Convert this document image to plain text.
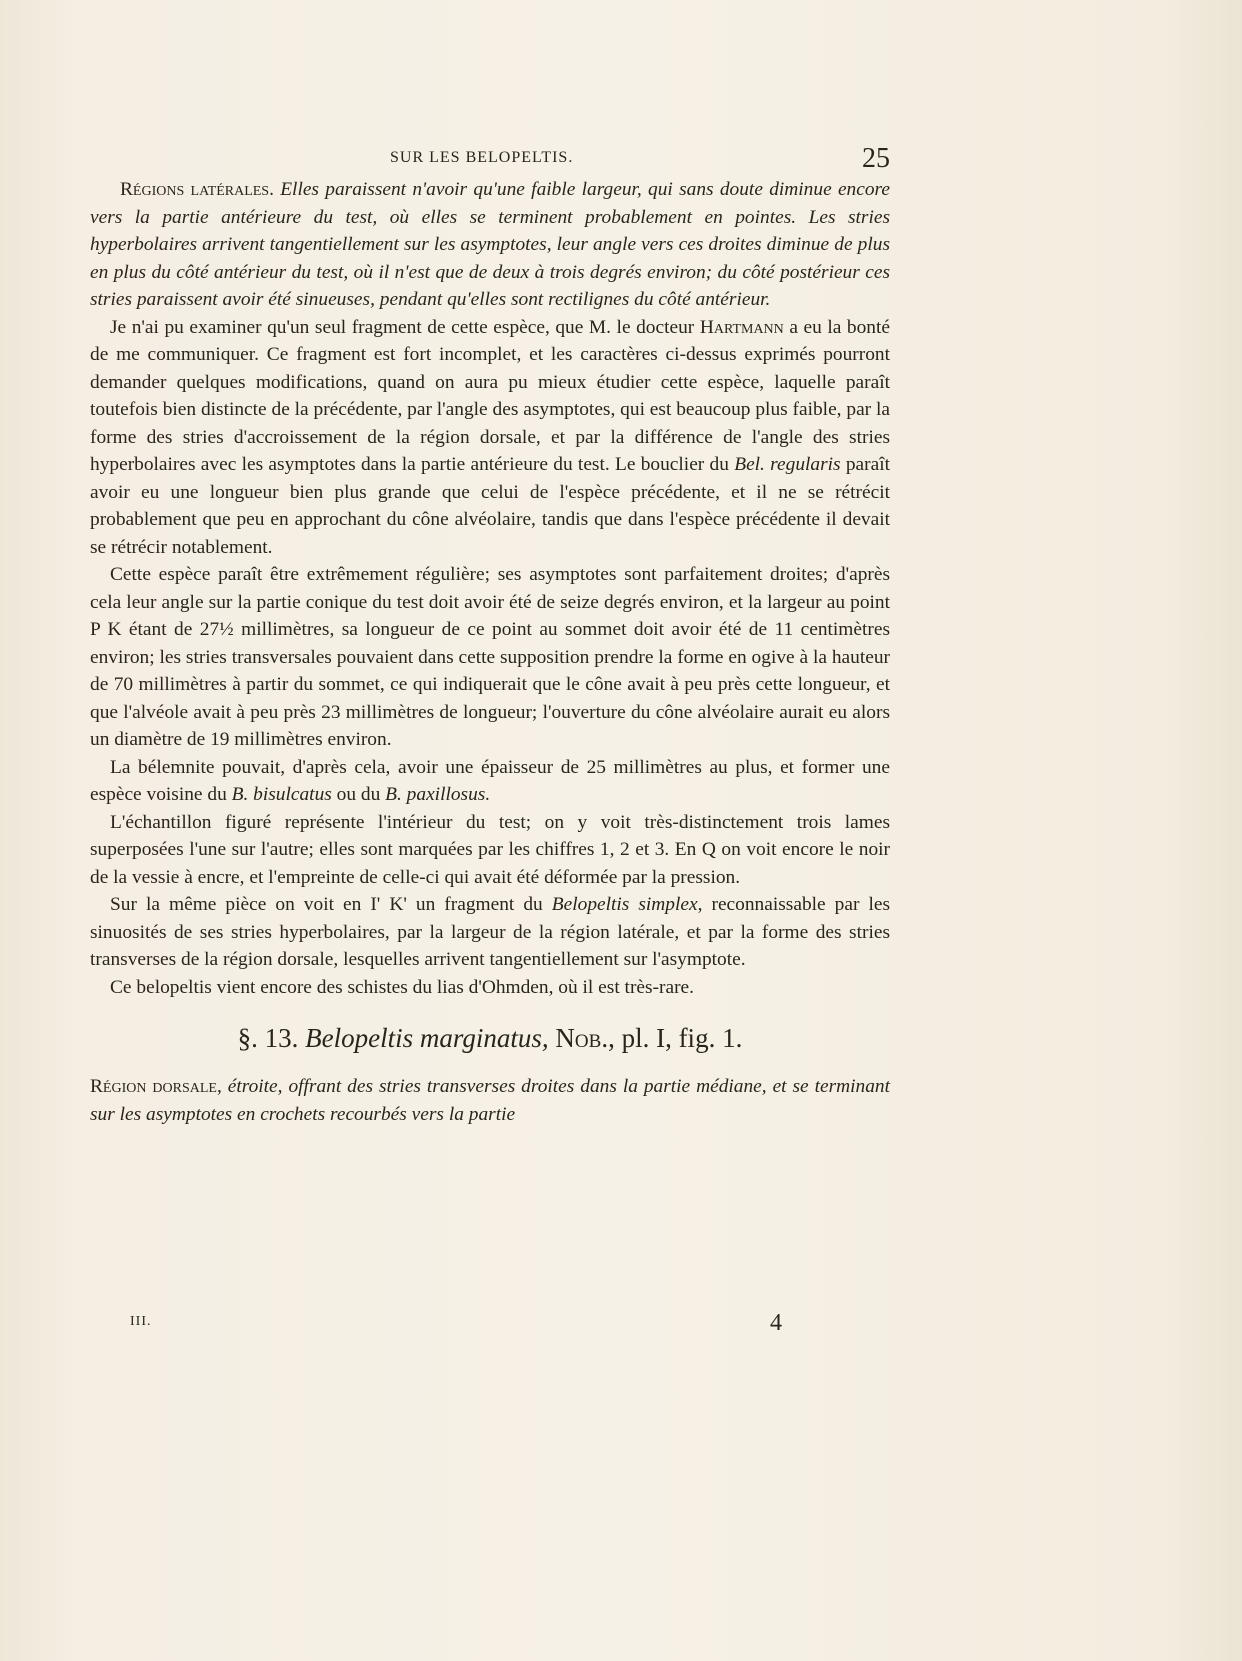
SUR LES BELOPELTIS.	25

Régions latérales. Elles paraissent n'avoir qu'une faible largeur, qui sans doute diminue encore vers la partie antérieure du test, où elles se terminent probablement en pointes. Les stries hyperbolaires arrivent tangentiellement sur les asymptotes, leur angle vers ces droites diminue de plus en plus du côté antérieur du test, où il n'est que de deux à trois degrés environ; du côté postérieur ces stries paraissent avoir été sinueuses, pendant qu'elles sont rectilignes du côté antérieur.

Je n'ai pu examiner qu'un seul fragment de cette espèce, que M. le docteur Hartmann a eu la bonté de me communiquer. Ce fragment est fort incomplet, et les caractères ci-dessus exprimés pourront demander quelques modifications, quand on aura pu mieux étudier cette espèce, laquelle paraît toutefois bien distincte de la précédente, par l'angle des asymptotes, qui est beaucoup plus faible, par la forme des stries d'accroissement de la région dorsale, et par la différence de l'angle des stries hyperbolaires avec les asymptotes dans la partie antérieure du test. Le bouclier du Bel. regularis paraît avoir eu une longueur bien plus grande que celui de l'espèce précédente, et il ne se rétrécit probablement que peu en approchant du cône alvéolaire, tandis que dans l'espèce précédente il devait se rétrécir notablement.

Cette espèce paraît être extrêmement régulière; ses asymptotes sont parfaitement droites; d'après cela leur angle sur la partie conique du test doit avoir été de seize degrés environ, et la largeur au point P K étant de 27½ millimètres, sa longueur de ce point au sommet doit avoir été de 11 centimètres environ; les stries transversales pouvaient dans cette supposition prendre la forme en ogive à la hauteur de 70 millimètres à partir du sommet, ce qui indiquerait que le cône avait à peu près cette longueur, et que l'alvéole avait à peu près 23 millimètres de longueur; l'ouverture du cône alvéolaire aurait eu alors un diamètre de 19 millimètres environ.

La bélemnite pouvait, d'après cela, avoir une épaisseur de 25 millimètres au plus, et former une espèce voisine du B. bisulcatus ou du B. paxillosus.

L'échantillon figuré représente l'intérieur du test; on y voit très-distinctement trois lames superposées l'une sur l'autre; elles sont marquées par les chiffres 1, 2 et 3. En Q on voit encore le noir de la vessie à encre, et l'empreinte de celle-ci qui avait été déformée par la pression.

Sur la même pièce on voit en I' K' un fragment du Belopeltis simplex, reconnaissable par les sinuosités de ses stries hyperbolaires, par la largeur de la région latérale, et par la forme des stries transverses de la région dorsale, lesquelles arrivent tangentiellement sur l'asymptote.

Ce belopeltis vient encore des schistes du lias d'Ohmden, où il est très-rare.

§. 13. Belopeltis marginatus, Nob., pl. I, fig. 1.

Région dorsale, étroite, offrant des stries transverses droites dans la partie médiane, et se terminant sur les asymptotes en crochets recourbés vers la partie

III.	4
